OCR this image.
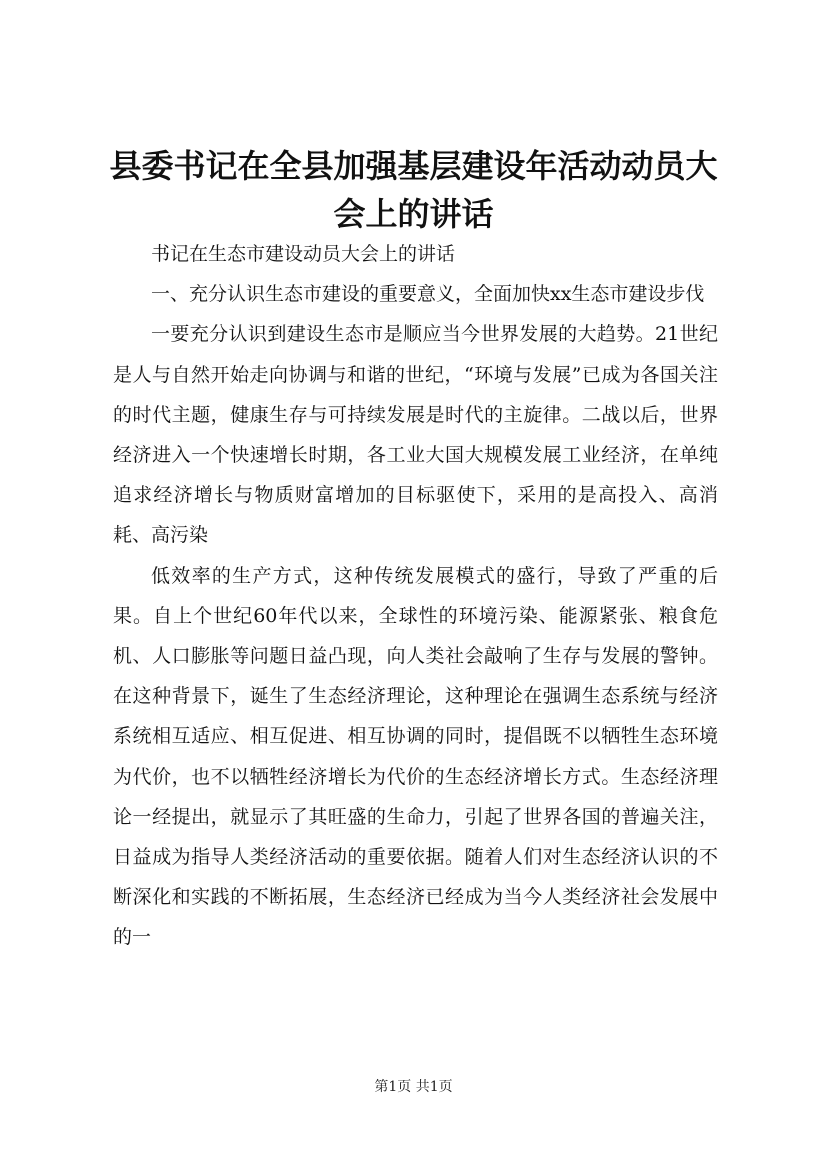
县委书记在全县加强基层建设年活动动员大会上的讲话

书记在生态市建设动员大会上的讲话

一、充分认识生态市建设的重要意义，全面加快xx生态市建设步伐

一要充分认识到建设生态市是顺应当今世界发展的大趋势。21世纪是人与自然开始走向协调与和谐的世纪，“环境与发展”已成为各国关注的时代主题，健康生存与可持续发展是时代的主旋律。二战以后，世界经济进入一个快速增长时期，各工业大国大规模发展工业经济，在单纯追求经济增长与物质财富增加的目标驱使下，采用的是高投入、高消耗、高污染

低效率的生产方式，这种传统发展模式的盛行，导致了严重的后果。自上个世纪60年代以来，全球性的环境污染、能源紧张、粮食危机、人口膨胀等问题日益凸现，向人类社会敲响了生存与发展的警钟。在这种背景下，诞生了生态经济理论，这种理论在强调生态系统与经济系统相互适应、相互促进、相互协调的同时，提倡既不以牺牲生态环境为代价，也不以牺牲经济增长为代价的生态经济增长方式。生态经济理论一经提出，就显示了其旺盛的生命力，引起了世界各国的普遍关注，日益成为指导人类经济活动的重要依据。随着人们对生态经济认识的不断深化和实践的不断拓展，生态经济已经成为当今人类经济社会发展中的一

第1页 共1页
